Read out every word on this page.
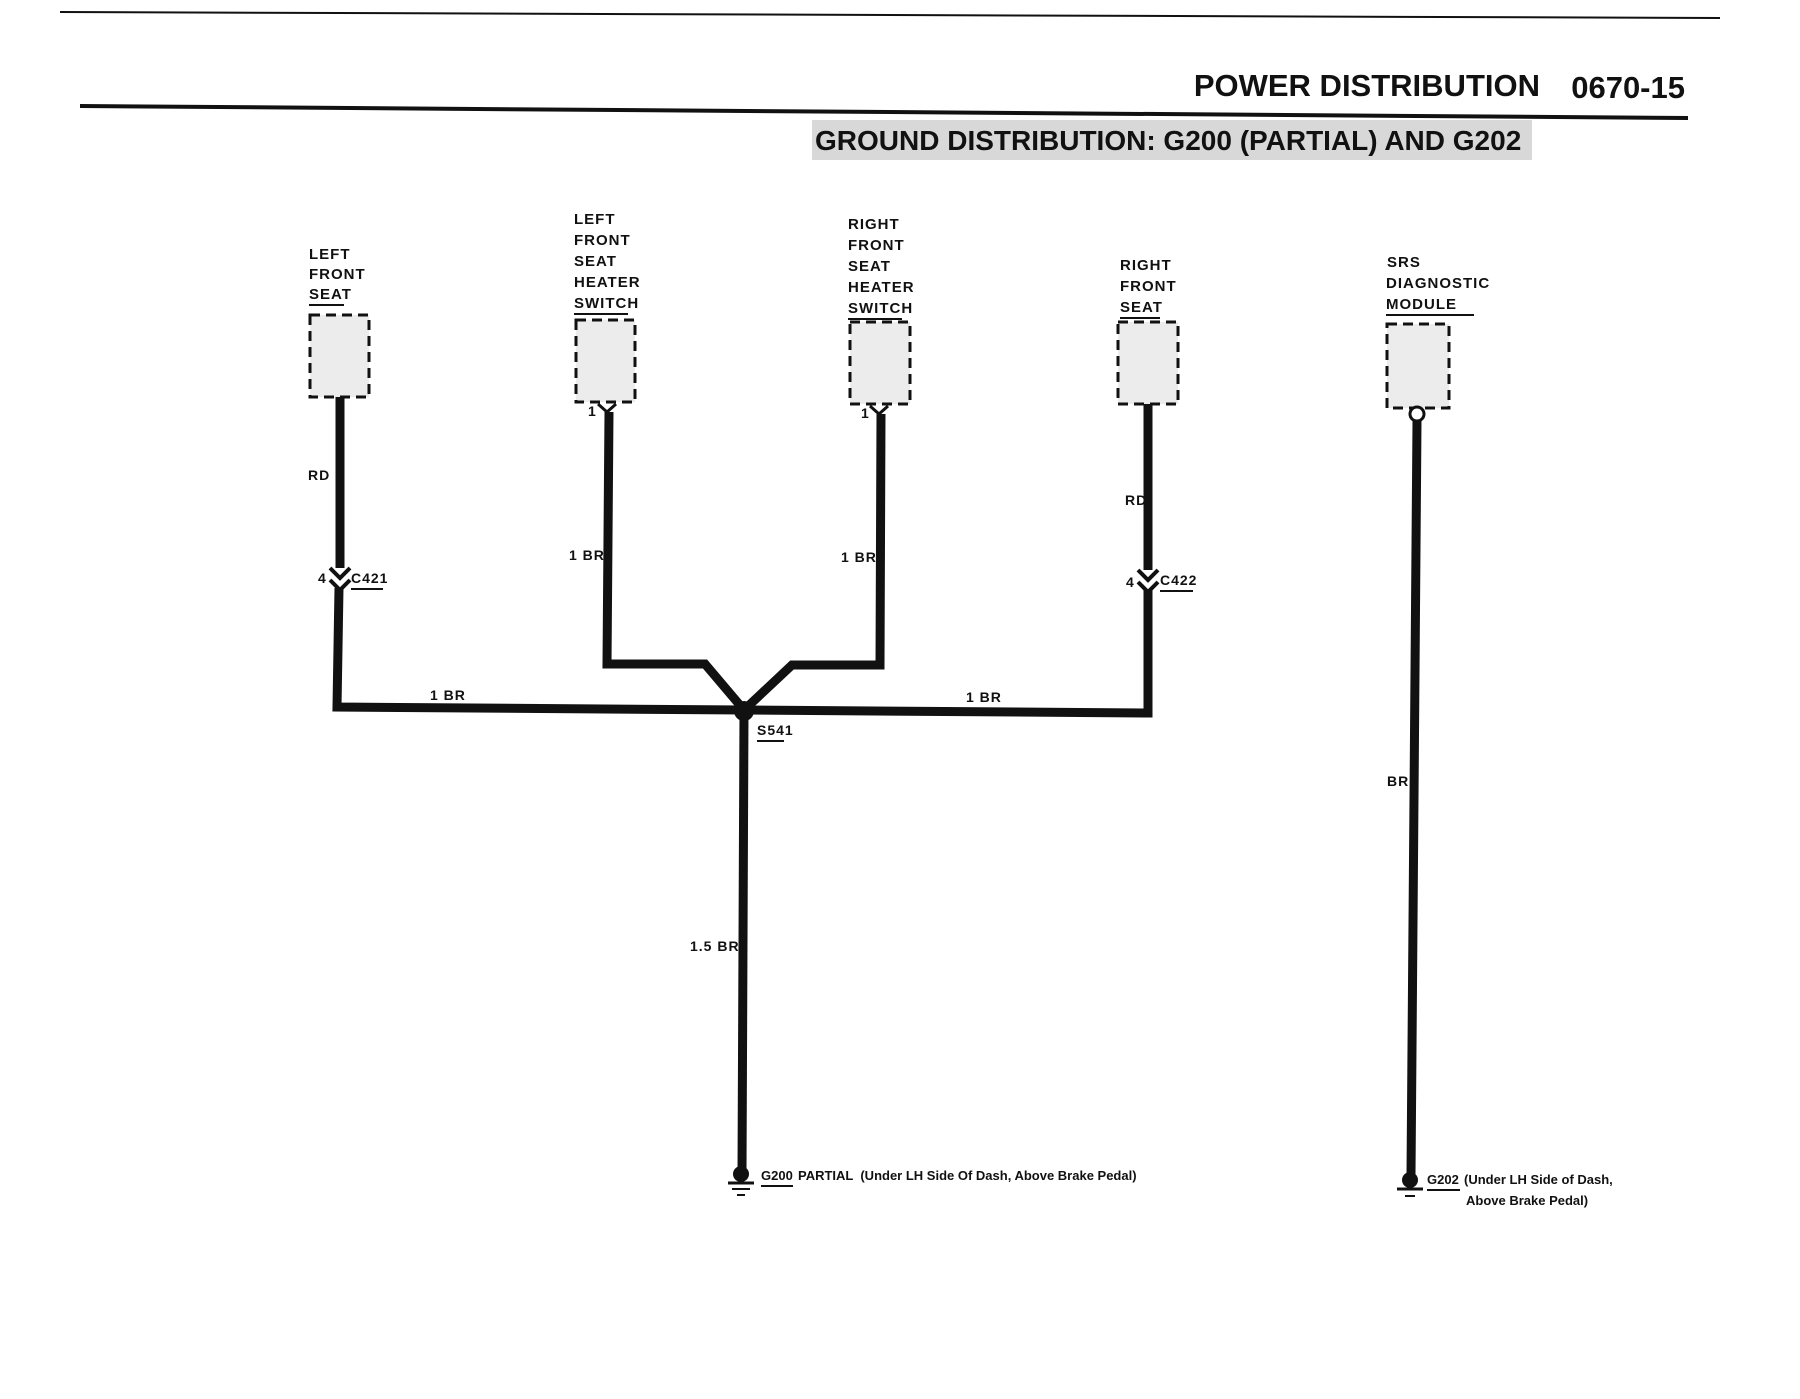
POWER DISTRIBUTION 0670-15
GROUND DISTRIBUTION: G200 (PARTIAL) AND G202
LEFT
FRONT
SEAT
LEFT
FRONT
SEAT
HEATER
SWITCH
1
RIGHT
FRONT
SEAT
HEATER
SWITCH
1
RIGHT
FRONT
SEAT
SRS
DIAGNOSTIC
MODULE
RD
4 C421
1 BR
1 BR	1 BR
RD
4 C422
1 BR
S541
1.5 BR
G200 PARTIAL  (Under LH Side Of Dash, Above Brake Pedal)
BR
G202 (Under LH Side of Dash,
Above Brake Pedal)
